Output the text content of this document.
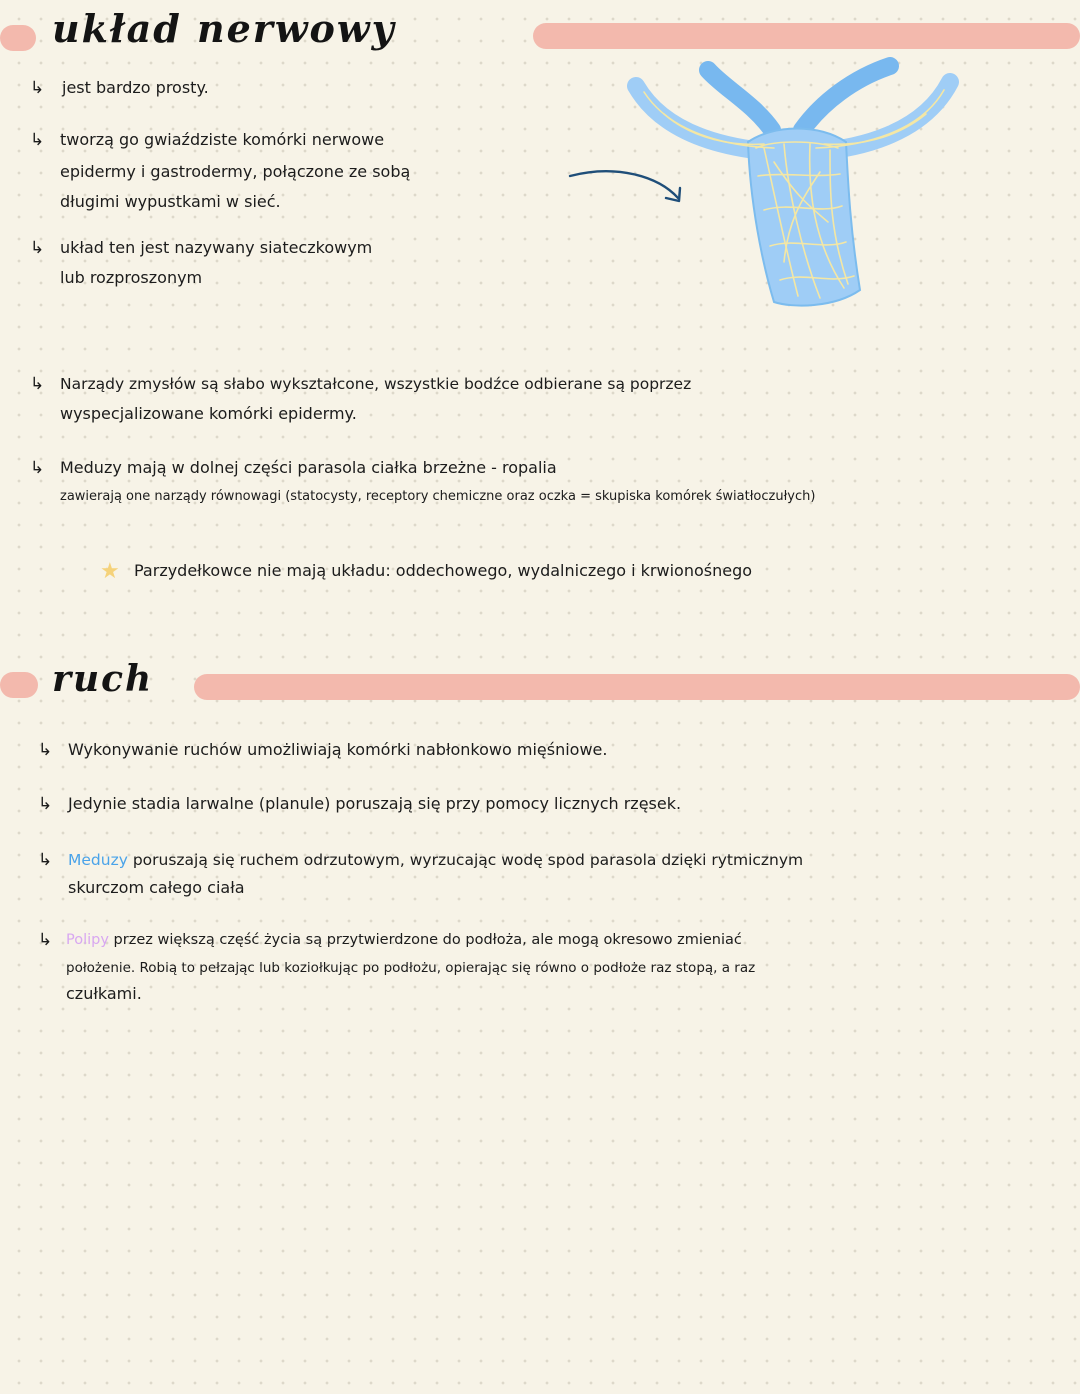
układ nerwowy
↳ jest bardzo prosty.
↳ tworzą go gwiaździste komórki nerwowe
epidermy i gastrodermy, połączone ze sobą
długimi wypustkami w sieć.
↳ układ ten jest nazywany siateczkowym
lub rozproszonym
↳ Narządy zmysłów są słabo wykształcone, wszystkie bodźce odbierane są poprzez
wyspecjalizowane komórki epidermy.
↳ Meduzy mają w dolnej części parasola ciałka brzeżne - ropalia
zawierają one narządy równowagi (statocysty, receptory chemiczne oraz oczka = skupiska komórek światłoczułych)
★ Parzydełkowce nie mają układu: oddechowego, wydalniczego i krwionośnego
ruch
↳ Wykonywanie ruchów umożliwiają komórki nabłonkowo mięśniowe.
↳ Jedynie stadia larwalne (planule) poruszają się przy pomocy licznych rzęsek.
↳ Meduzy poruszają się ruchem odrzutowym, wyrzucając wodę spod parasola dzięki rytmicznym
skurczom całego ciała
↳ Polipy przez większą część życia są przytwierdzone do podłoża, ale mogą okresowo zmieniać
położenie. Robią to pełzając lub koziołkując po podłożu, opierając się równo o podłoże raz stopą, a raz
czułkami.
